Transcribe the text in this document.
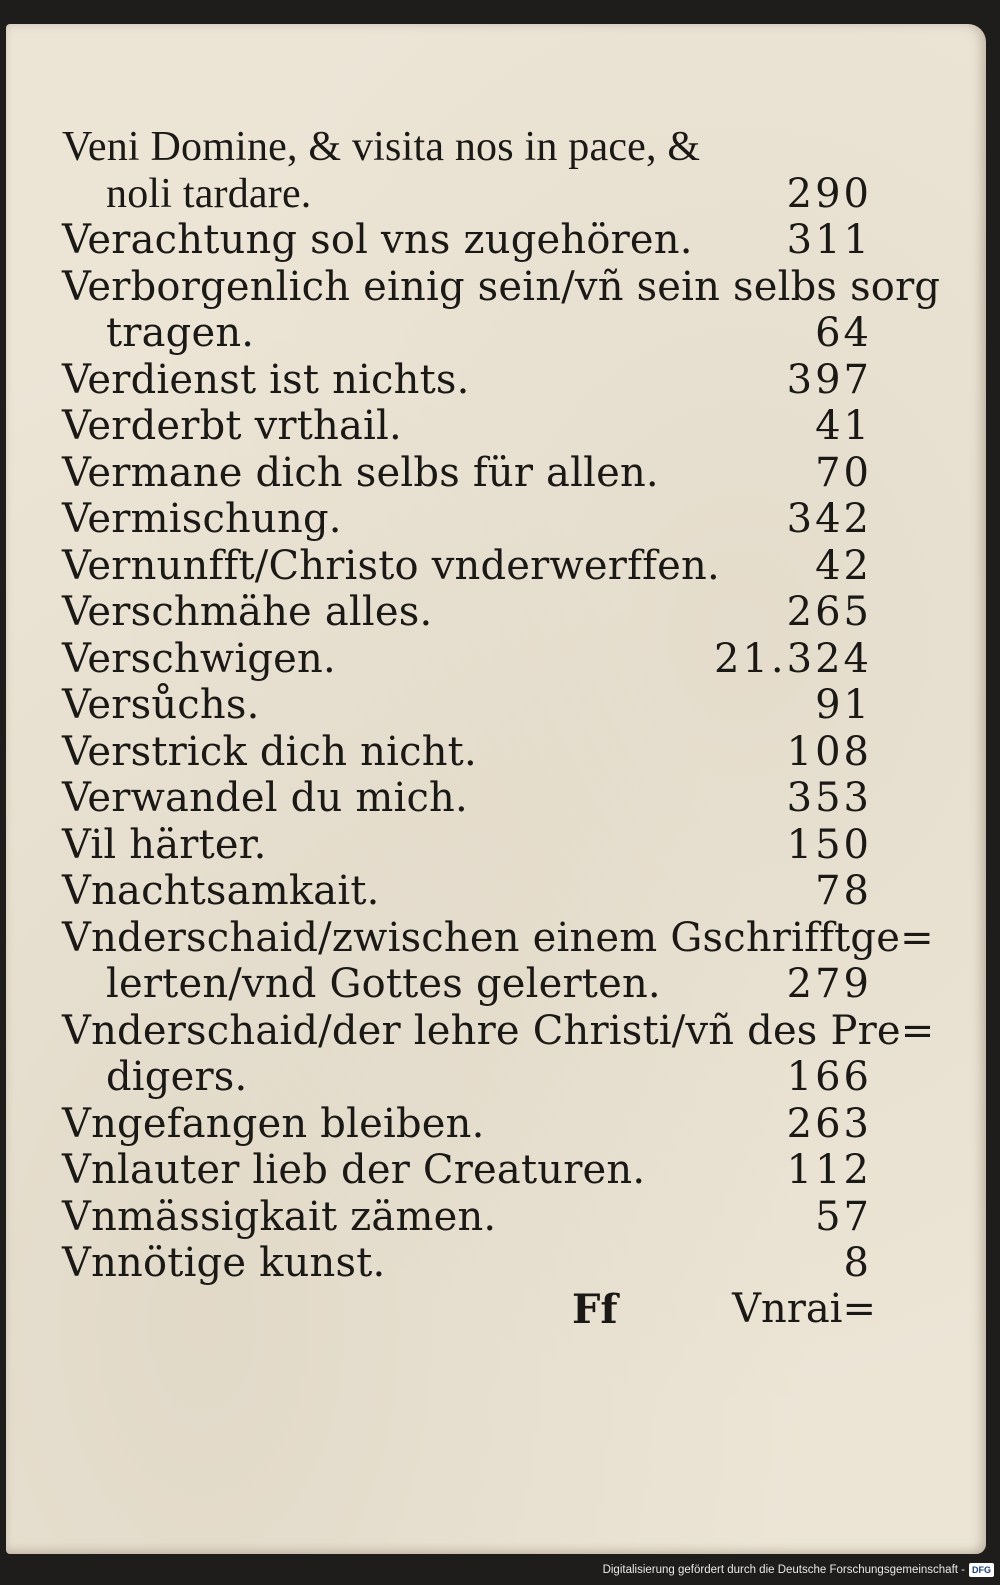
Veni Domine, & visita nos in pace, &
noli tardare.	290
Verachtung sol vns zugehören.	311
Verborgenlich einig sein/vñ sein selbs sorg
tragen.	64
Verdienst ist nichts.	397
Verderbt vrthail.	41
Vermane dich selbs für allen.	70
Vermischung.	342
Vernunfft/Christo vnderwerffen.	42
Verschmähe alles.	265
Verschwigen.	21.324
Versůchs.	91
Verstrick dich nicht.	108
Verwandel du mich.	353
Vil härter.	150
Vnachtsamkait.	78
Vnderschaid/zwischen einem Gschrifftge=
lerten/vnd Gottes gelerten.	279
Vnderschaid/der lehre Christi/vñ des Pre=
digers.	166
Vngefangen bleiben.	263
Vnlauter lieb der Creaturen.	112
Vnmässigkait zämen.	57
Vnnötige kunst.	8
Ff	Vnrai=
Digitalisierung gefördert durch die Deutsche Forschungsgemeinschaft - DFG
